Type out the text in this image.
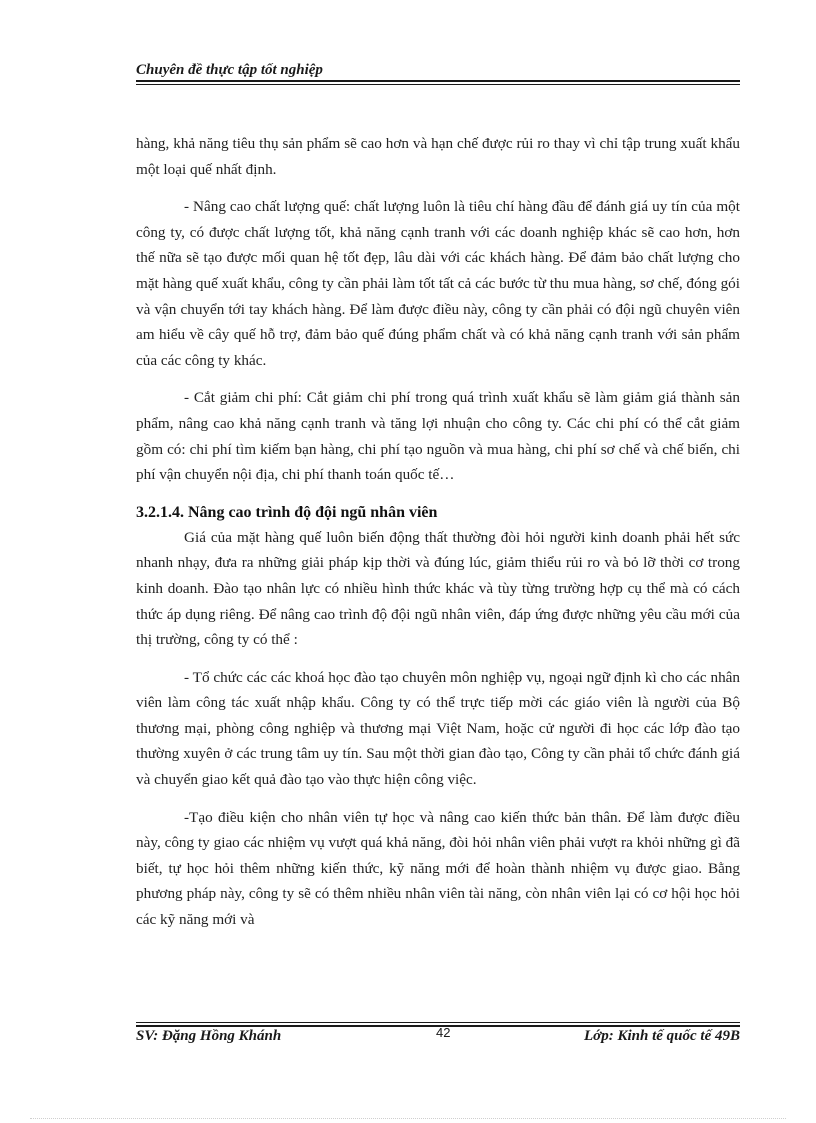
Chuyên đề thực tập tốt nghiệp

hàng, khả năng tiêu thụ sản phẩm sẽ cao hơn và hạn chế được rủi ro thay vì chỉ tập trung xuất khẩu một loại quế nhất định.

- Nâng cao chất lượng quế: chất lượng luôn là tiêu chí hàng đầu để đánh giá uy tín của một công ty, có được chất lượng tốt, khả năng cạnh tranh với các doanh nghiệp khác sẽ cao hơn, hơn thế nữa sẽ tạo được mối quan hệ tốt đẹp, lâu dài với các khách hàng. Để đảm bảo chất lượng cho mặt hàng quế xuất khẩu, công ty cần phải làm tốt tất cả các bước từ thu mua hàng, sơ chế, đóng gói và vận chuyển tới tay khách hàng. Để làm được điều này, công ty cần phải có đội ngũ chuyên viên am hiểu về cây quế hỗ trợ, đảm bảo quế đúng phẩm chất và có khả năng cạnh tranh với sản phẩm của các công ty khác.

- Cắt giảm chi phí: Cắt giảm chi phí trong quá trình xuất khẩu sẽ làm giảm giá thành sản phẩm, nâng cao khả năng cạnh tranh và tăng lợi nhuận cho công ty. Các chi phí có thể cắt giảm gồm có: chi phí tìm kiếm bạn hàng, chi phí tạo nguồn và mua hàng, chi phí sơ chế và chế biến, chi phí vận chuyển nội địa, chi phí thanh toán quốc tế…

3.2.1.4. Nâng cao trình độ đội ngũ nhân viên

Giá của mặt hàng quế luôn biến động thất thường đòi hỏi người kinh doanh phải hết sức nhanh nhạy, đưa ra những giải pháp kịp thời và đúng lúc, giảm thiểu rủi ro và bỏ lỡ thời cơ trong kinh doanh. Đào tạo nhân lực có nhiều hình thức khác và tùy từng trường hợp cụ thể mà có cách thức áp dụng riêng. Để nâng cao trình độ đội ngũ nhân viên, đáp ứng được những yêu cầu mới của thị trường, công ty có thể :

- Tổ chức các các khoá học đào tạo chuyên môn nghiệp vụ, ngoại ngữ định kì cho các nhân viên làm công tác xuất nhập khẩu. Công ty có thể trực tiếp mời các giáo viên là người của Bộ thương mại, phòng công nghiệp và thương mại Việt Nam, hoặc cử người đi học các lớp đào tạo thường xuyên ở các trung tâm uy tín. Sau một thời gian đào tạo, Công ty cần phải tổ chức đánh giá và chuyển giao kết quả đào tạo vào thực hiện công việc.

-Tạo điều kiện cho nhân viên tự học và nâng cao kiến thức bản thân. Để làm được điều này, công ty giao các nhiệm vụ vượt quá khả năng, đòi hỏi nhân viên phải vượt ra khỏi những gì đã biết, tự học hỏi thêm những kiến thức, kỹ năng mới để hoàn thành nhiệm vụ được giao. Bằng phương pháp này, công ty sẽ có thêm nhiều nhân viên tài năng, còn nhân viên lại có cơ hội học hỏi các kỹ năng mới và

SV: Đặng Hồng Khánh	42	Lớp: Kinh tế quốc tế 49B
